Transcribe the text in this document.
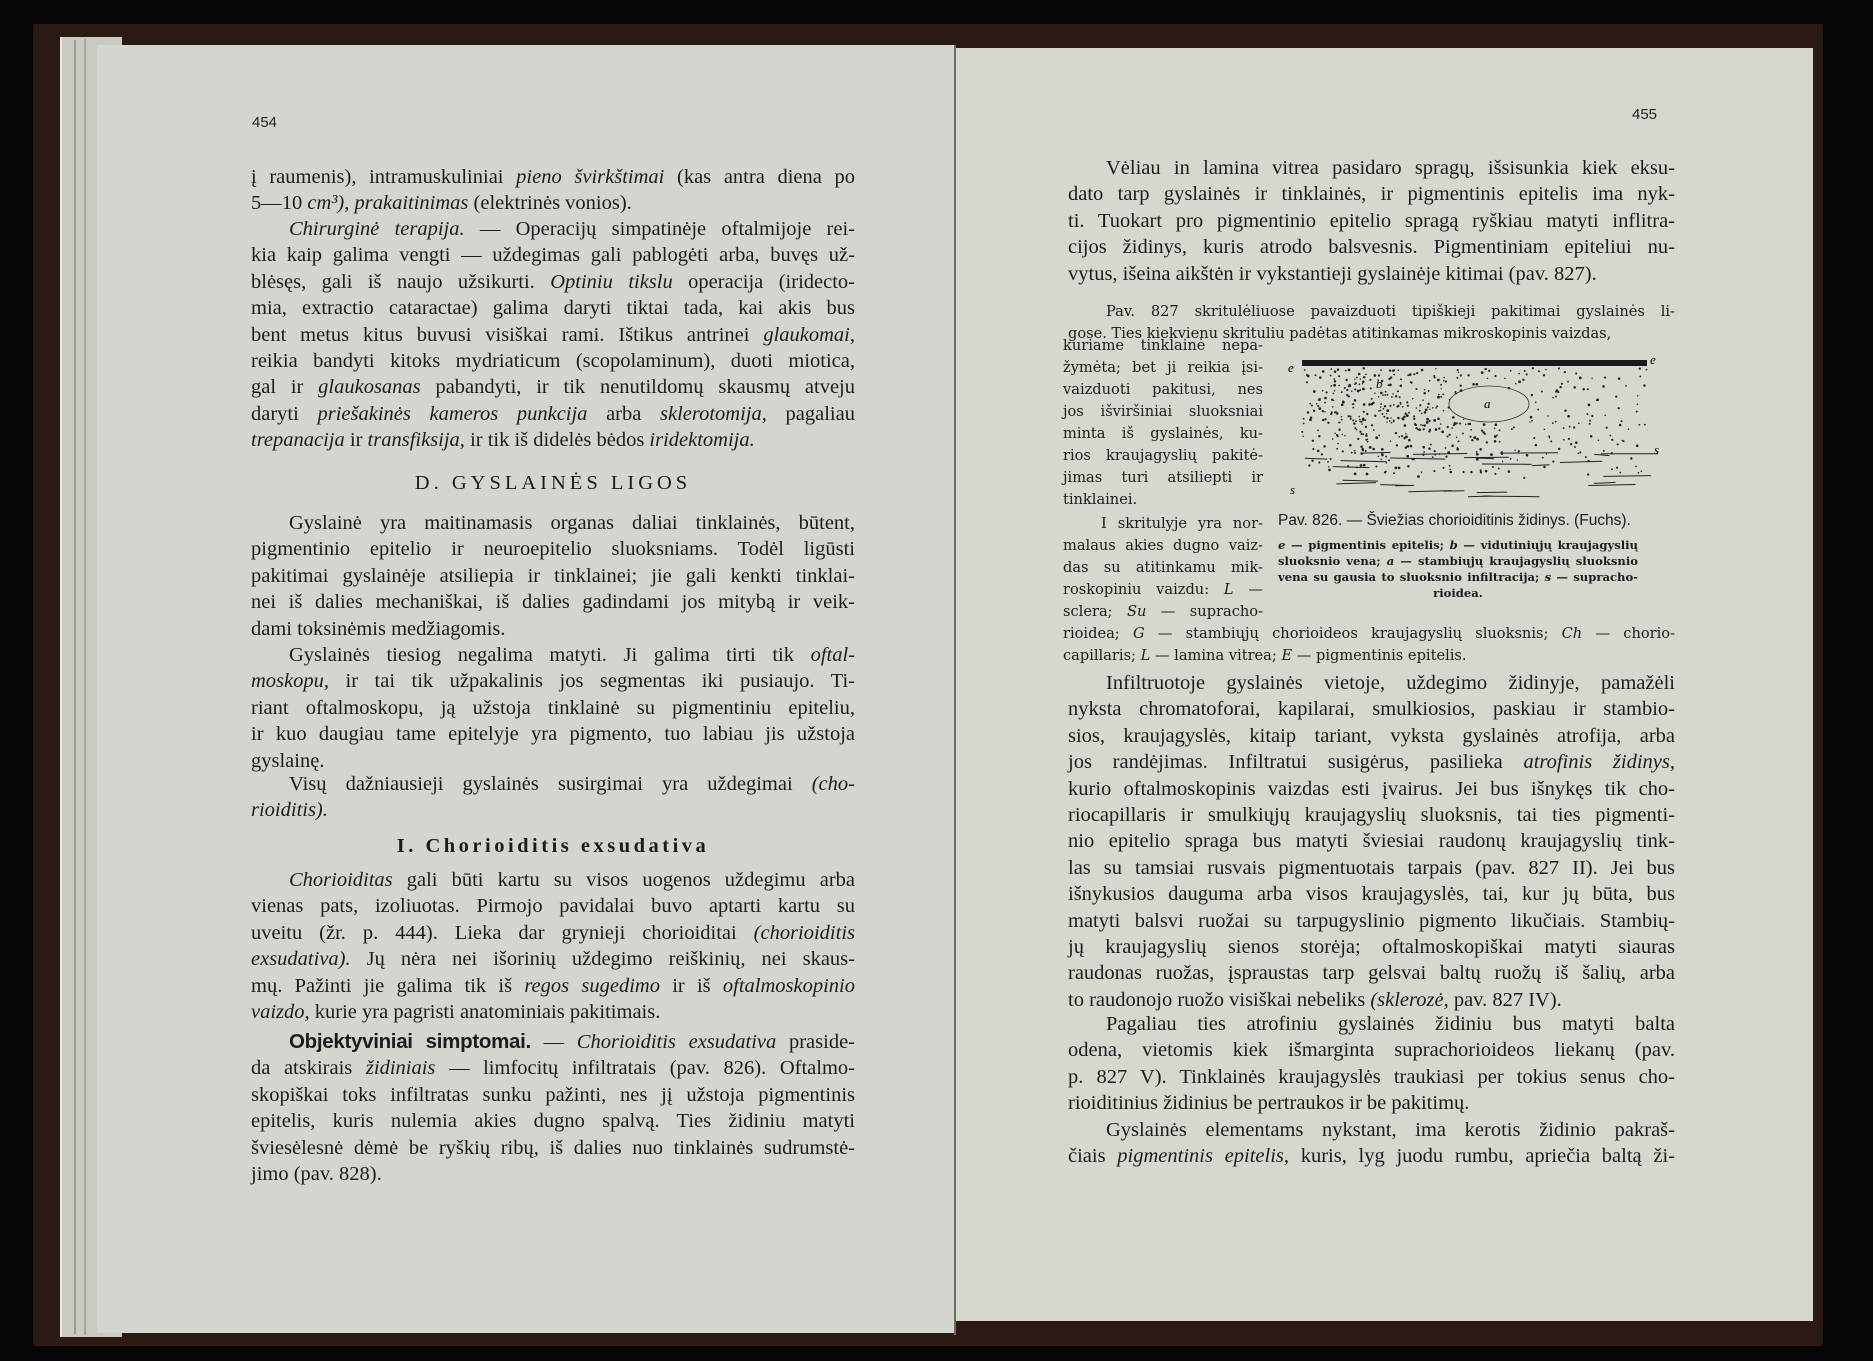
454	455
į raumenis), intramuskuliniai pieno švirkštimai (kas antra diena po
5—10 cm³), prakaitinimas (elektrinės vonios).
Chirurginė terapija. — Operacijų simpatinėje oftalmijoje rei-
kia kaip galima vengti — uždegimas gali pablogėti arba, buvęs už-
blėsęs, gali iš naujo užsikurti. Optiniu tikslu operacija (iridecto-
mia, extractio cataractae) galima daryti tiktai tada, kai akis bus
bent metus kitus buvusi visiškai rami. Ištikus antrinei glaukomai,
reikia bandyti kitoks mydriaticum (scopolaminum), duoti miotica,
gal ir glaukosanas pabandyti, ir tik nenutildomų skausmų atveju
daryti priešakinės kameros punkcija arba sklerotomija, pagaliau
trepanacija ir transfiksija, ir tik iš didelės bėdos iridektomija.
D. GYSLAINĖS LIGOS
Gyslainė yra maitinamasis organas daliai tinklainės, būtent,
pigmentinio epitelio ir neuroepitelio sluoksniams. Todėl ligūsti
pakitimai gyslainėje atsiliepia ir tinklainei; jie gali kenkti tinklai-
nei iš dalies mechaniškai, iš dalies gadindami jos mitybą ir veik-
dami toksinėmis medžiagomis.
Gyslainės tiesiog negalima matyti. Ji galima tirti tik oftal-
moskopu, ir tai tik užpakalinis jos segmentas iki pusiaujo. Ti-
riant oftalmoskopu, ją užstoja tinklainė su pigmentiniu epiteliu,
ir kuo daugiau tame epitelyje yra pigmento, tuo labiau jis užstoja
gyslainę.
Visų dažniausieji gyslainės susirgimai yra uždegimai (cho-
rioiditis).
I. Chorioiditis exsudativa
Chorioiditas gali būti kartu su visos uogenos uždegimu arba
vienas pats, izoliuotas. Pirmojo pavidalai buvo aptarti kartu su
uveitu (žr. p. 444). Lieka dar grynieji chorioiditai (chorioiditis
exsudativa). Jų nėra nei išorinių uždegimo reiškinių, nei skaus-
mų. Pažinti jie galima tik iš regos sugedimo ir iš oftalmoskopinio
vaizdo, kurie yra pagristi anatominiais pakitimais.
Objektyviniai simptomai. — Chorioiditis exsudativa praside-
da atskirais židiniais — limfocitų infiltratais (pav. 826). Oftalmo-
skopiškai toks infiltratas sunku pažinti, nes jį užstoja pigmentinis
epitelis, kuris nulemia akies dugno spalvą. Ties židiniu matyti
šviesėlesnė dėmė be ryškių ribų, iš dalies nuo tinklainės sudrumstė-
jimo (pav. 828).
Vėliau in lamina vitrea pasidaro spragų, išsisunkia kiek eksu-
dato tarp gyslainės ir tinklainės, ir pigmentinis epitelis ima nyk-
ti. Tuokart pro pigmentinio epitelio spragą ryškiau matyti inflitra-
cijos židinys, kuris atrodo balsvesnis. Pigmentiniam epiteliui nu-
vytus, išeina aikštėn ir vykstantieji gyslainėje kitimai (pav. 827).
Pav. 827 skritulėliuose pavaizduoti tipiškieji pakitimai gyslainės li-
gose. Ties kiekvienu skrituliu padėtas atitinkamas mikroskopinis vaizdas,
kuriame tinklainė nepa-
žymėta; bet ji reikia įsi-
vaizduoti pakitusi, nes
jos išviršiniai sluoksniai
minta iš gyslainės, ku-
rios kraujagyslių pakitė-
jimas turi atsiliepti ir
tinklainei.
I skritulyje yra nor-
malaus akies dugno vaiz-
das su atitinkamu mik-
roskopiniu vaizdu: L —
sclera; Su — supracho-
rioidea; G — stambiųjų chorioideos kraujagyslių sluoksnis; Ch — chorio-
capillaris; L — lamina vitrea; E — pigmentinis epitelis.
e
e
b
a
s
s
Pav. 826. — Šviežias chorioiditinis židinys. (Fuchs).
e — pigmentinis epitelis; b — vidutiniųjų kraujagyslių
sluoksnio vena; a — stambiųjų kraujagyslių sluoksnio
vena su gausia to sluoksnio infiltracija; s — supracho-
rioidea.
Infiltruotoje gyslainės vietoje, uždegimo židinyje, pamažėli
nyksta chromatoforai, kapilarai, smulkiosios, paskiau ir stambio-
sios, kraujagyslės, kitaip tariant, vyksta gyslainės atrofija, arba
jos randėjimas. Infiltratui susigėrus, pasilieka atrofinis židinys,
kurio oftalmoskopinis vaizdas esti įvairus. Jei bus išnykęs tik cho-
riocapillaris ir smulkiųjų kraujagyslių sluoksnis, tai ties pigmenti-
nio epitelio spraga bus matyti šviesiai raudonų kraujagyslių tink-
las su tamsiai rusvais pigmentuotais tarpais (pav. 827 II). Jei bus
išnykusios dauguma arba visos kraujagyslės, tai, kur jų būta, bus
matyti balsvi ruožai su tarpugyslinio pigmento likučiais. Stambių-
jų kraujagyslių sienos storėja; oftalmoskopiškai matyti siauras
raudonas ruožas, įspraustas tarp gelsvai baltų ruožų iš šalių, arba
to raudonojo ruožo visiškai nebeliks (sklerozė, pav. 827 IV).
Pagaliau ties atrofiniu gyslainės židiniu bus matyti balta
odena, vietomis kiek išmarginta suprachorioideos liekanų (pav.
p. 827 V). Tinklainės kraujagyslės traukiasi per tokius senus cho-
rioiditinius židinius be pertraukos ir be pakitimų.
Gyslainės elementams nykstant, ima kerotis židinio pakraš-
čiais pigmentinis epitelis, kuris, lyg juodu rumbu, apriečia baltą ži-
